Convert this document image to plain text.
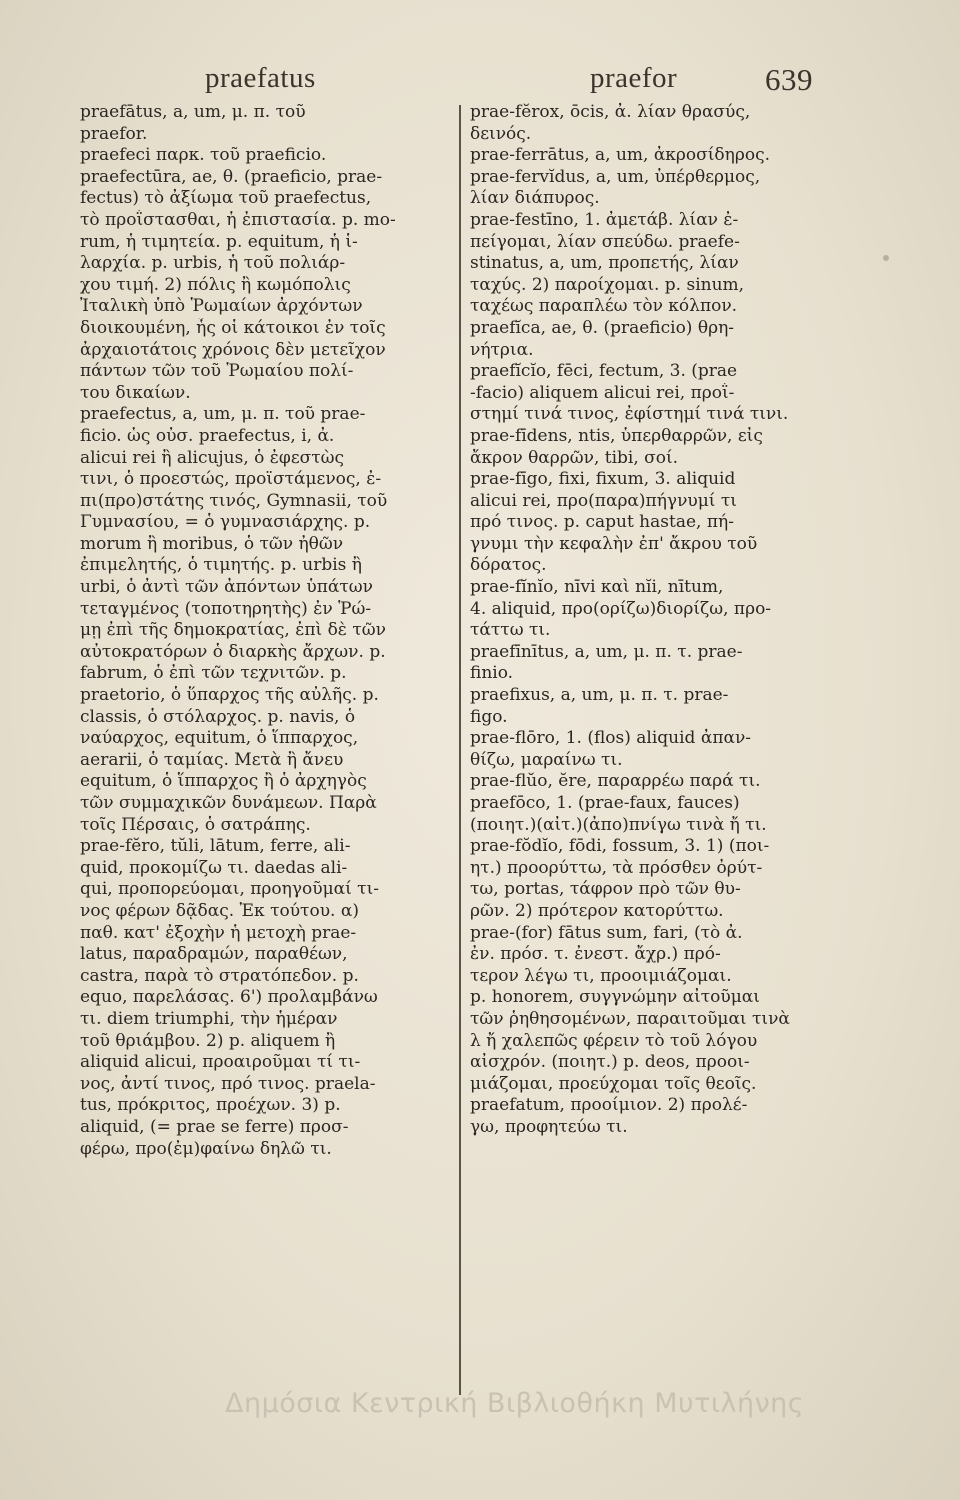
praefatus	praefor	639
praefātus, a, um, μ. π. τοῦ
praefor.
praefeci παρκ. τοῦ praeficio.
praefectūra, ae, θ. (praeficio, prae-
fectus) τὸ ἀξίωμα τοῦ praefectus,
τὸ προΐστασθαι, ἡ ἐπιστασία. p. mo-
rum, ἡ τιμητεία. p. equitum, ἡ ἱ-
λαρχία. p. urbis, ἡ τοῦ πολιάρ-
χου τιμή. 2) πόλις ἢ κωμόπολις
Ἰταλικὴ ὑπὸ Ῥωμαίων ἀρχόντων
διοικουμένη, ἧς οἱ κάτοικοι ἐν τοῖς
ἀρχαιοτάτοις χρόνοις δὲν μετεῖχον
πάντων τῶν τοῦ Ῥωμαίου πολί-
του δικαίων.
praefectus, a, um, μ. π. τοῦ prae-
ficio. ὡς οὐσ. praefectus, i, ἀ.
alicui rei ἢ alicujus, ὁ ἐφεστὼς
τινι, ὁ προεστώς, προϊστάμενος, ἐ-
πι(προ)στάτης τινός, Gymnasii, τοῦ
Γυμνασίου, = ὁ γυμνασιάρχης. p.
morum ἢ moribus, ὁ τῶν ἠθῶν
ἐπιμελητής, ὁ τιμητής. p. urbis ἢ
urbi, ὁ ἀντὶ τῶν ἀπόντων ὑπάτων
τεταγμένος (τοποτηρητὴς) ἐν Ῥώ-
μῃ ἐπὶ τῆς δημοκρατίας, ἐπὶ δὲ τῶν
αὐτοκρατόρων ὁ διαρκὴς ἄρχων. p.
fabrum, ὁ ἐπὶ τῶν τεχνιτῶν. p.
praetorio, ὁ ὕπαρχος τῆς αὐλῆς. p.
classis, ὁ στόλαρχος. p. navis, ὁ
ναύαρχος, equitum, ὁ ἵππαρχος,
aerarii, ὁ ταμίας. Μετὰ ἢ ἄνευ
equitum, ὁ ἵππαρχος ἢ ὁ ἀρχηγὸς
τῶν συμμαχικῶν δυνάμεων. Παρὰ
τοῖς Πέρσαις, ὁ σατράπης.
prae-fĕro, tŭli, lātum, ferre, ali-
quid, προκομίζω τι. daedas ali-
qui, προπορεύομαι, προηγοῦμαί τι-
νος φέρων δᾷδας. Ἐκ τούτου. α)
παθ. κατ' ἐξοχὴν ἡ μετοχὴ prae-
latus, παραδραμών, παραθέων,
castra, παρὰ τὸ στρατόπεδον. p.
equo, παρελάσας. 6') προλαμβάνω
τι. diem triumphi, τὴν ἡμέραν
τοῦ θριάμβου. 2) p. aliquem ἢ
aliquid alicui, προαιροῦμαι τί τι-
νος, ἀντί τινος, πρό τινος. praela-
tus, πρόκριτος, προέχων. 3) p.
aliquid, (= prae se ferre) προσ-
φέρω, προ(ἐμ)φαίνω δηλῶ τι.
prae-fĕrox, ōcis, ἀ. λίαν θρασύς,
δεινός.
prae-ferrātus, a, um, ἀκροσίδηρος.
prae-fervĭdus, a, um, ὑπέρθερμος,
λίαν διάπυρος.
prae-festīno, 1. ἀμετάβ. λίαν ἐ-
πείγομαι, λίαν σπεύδω. praefe-
stinatus, a, um, προπετής, λίαν
ταχύς. 2) παροίχομαι. p. sinum,
ταχέως παραπλέω τὸν κόλπον.
praefĭca, ae, θ. (praeficio) θρη-
νήτρια.
praefĭcĭo, fēci, fectum, 3. (prae
-facio) aliquem alicui rei, προΐ-
στημί τινά τινος, ἐφίστημί τινά τινι.
prae-fīdens, ntis, ὑπερθαρρῶν, εἰς
ἄκρον θαρρῶν, tibi, σοί.
prae-fīgo, fixi, fixum, 3. aliquid
alicui rei, προ(παρα)πήγνυμί τι
πρό τινος. p. caput hastae, πή-
γνυμι τὴν κεφαλὴν ἐπ' ἄκρου τοῦ
δόρατος.
prae-fĭnĭo, nīvi καὶ nĭi, nītum,
4. aliquid, προ(ορίζω)διορίζω, προ-
τάττω τι.
praefīnītus, a, um, μ. π. τ. prae-
finio.
praefixus, a, um, μ. π. τ. prae-
figo.
prae-flōro, 1. (flos) aliquid ἀπαν-
θίζω, μαραίνω τι.
prae-flŭo, ĕre, παραρρέω παρά τι.
praefōco, 1. (prae-faux, fauces)
(ποιητ.)(αἰτ.)(ἀπο)πνίγω τινὰ ἤ τι.
prae-fŏdĭo, fōdi, fossum, 3. 1) (ποι-
ητ.) προορύττω, τὰ πρόσθεν ὀρύτ-
τω, portas, τάφρον πρὸ τῶν θυ-
ρῶν. 2) πρότερον κατορύττω.
prae-(for) fātus sum, fari, (τὸ ἀ.
ἐν. πρόσ. τ. ἐνεστ. ἄχρ.) πρό-
τερον λέγω τι, προοιμιάζομαι.
p. honorem, συγγνώμην αἰτοῦμαι
τῶν ῥηθησομένων, παραιτοῦμαι τινὰ
λ ἤ χαλεπῶς φέρειν τὸ τοῦ λόγου
αἰσχρόν. (ποιητ.) p. deos, προοι-
μιάζομαι, προεύχομαι τοῖς θεοῖς.
praefatum, προοίμιον. 2) προλέ-
γω, προφητεύω τι.
Δημόσια Κεντρική Βιβλιοθήκη Μυτιλήνης
